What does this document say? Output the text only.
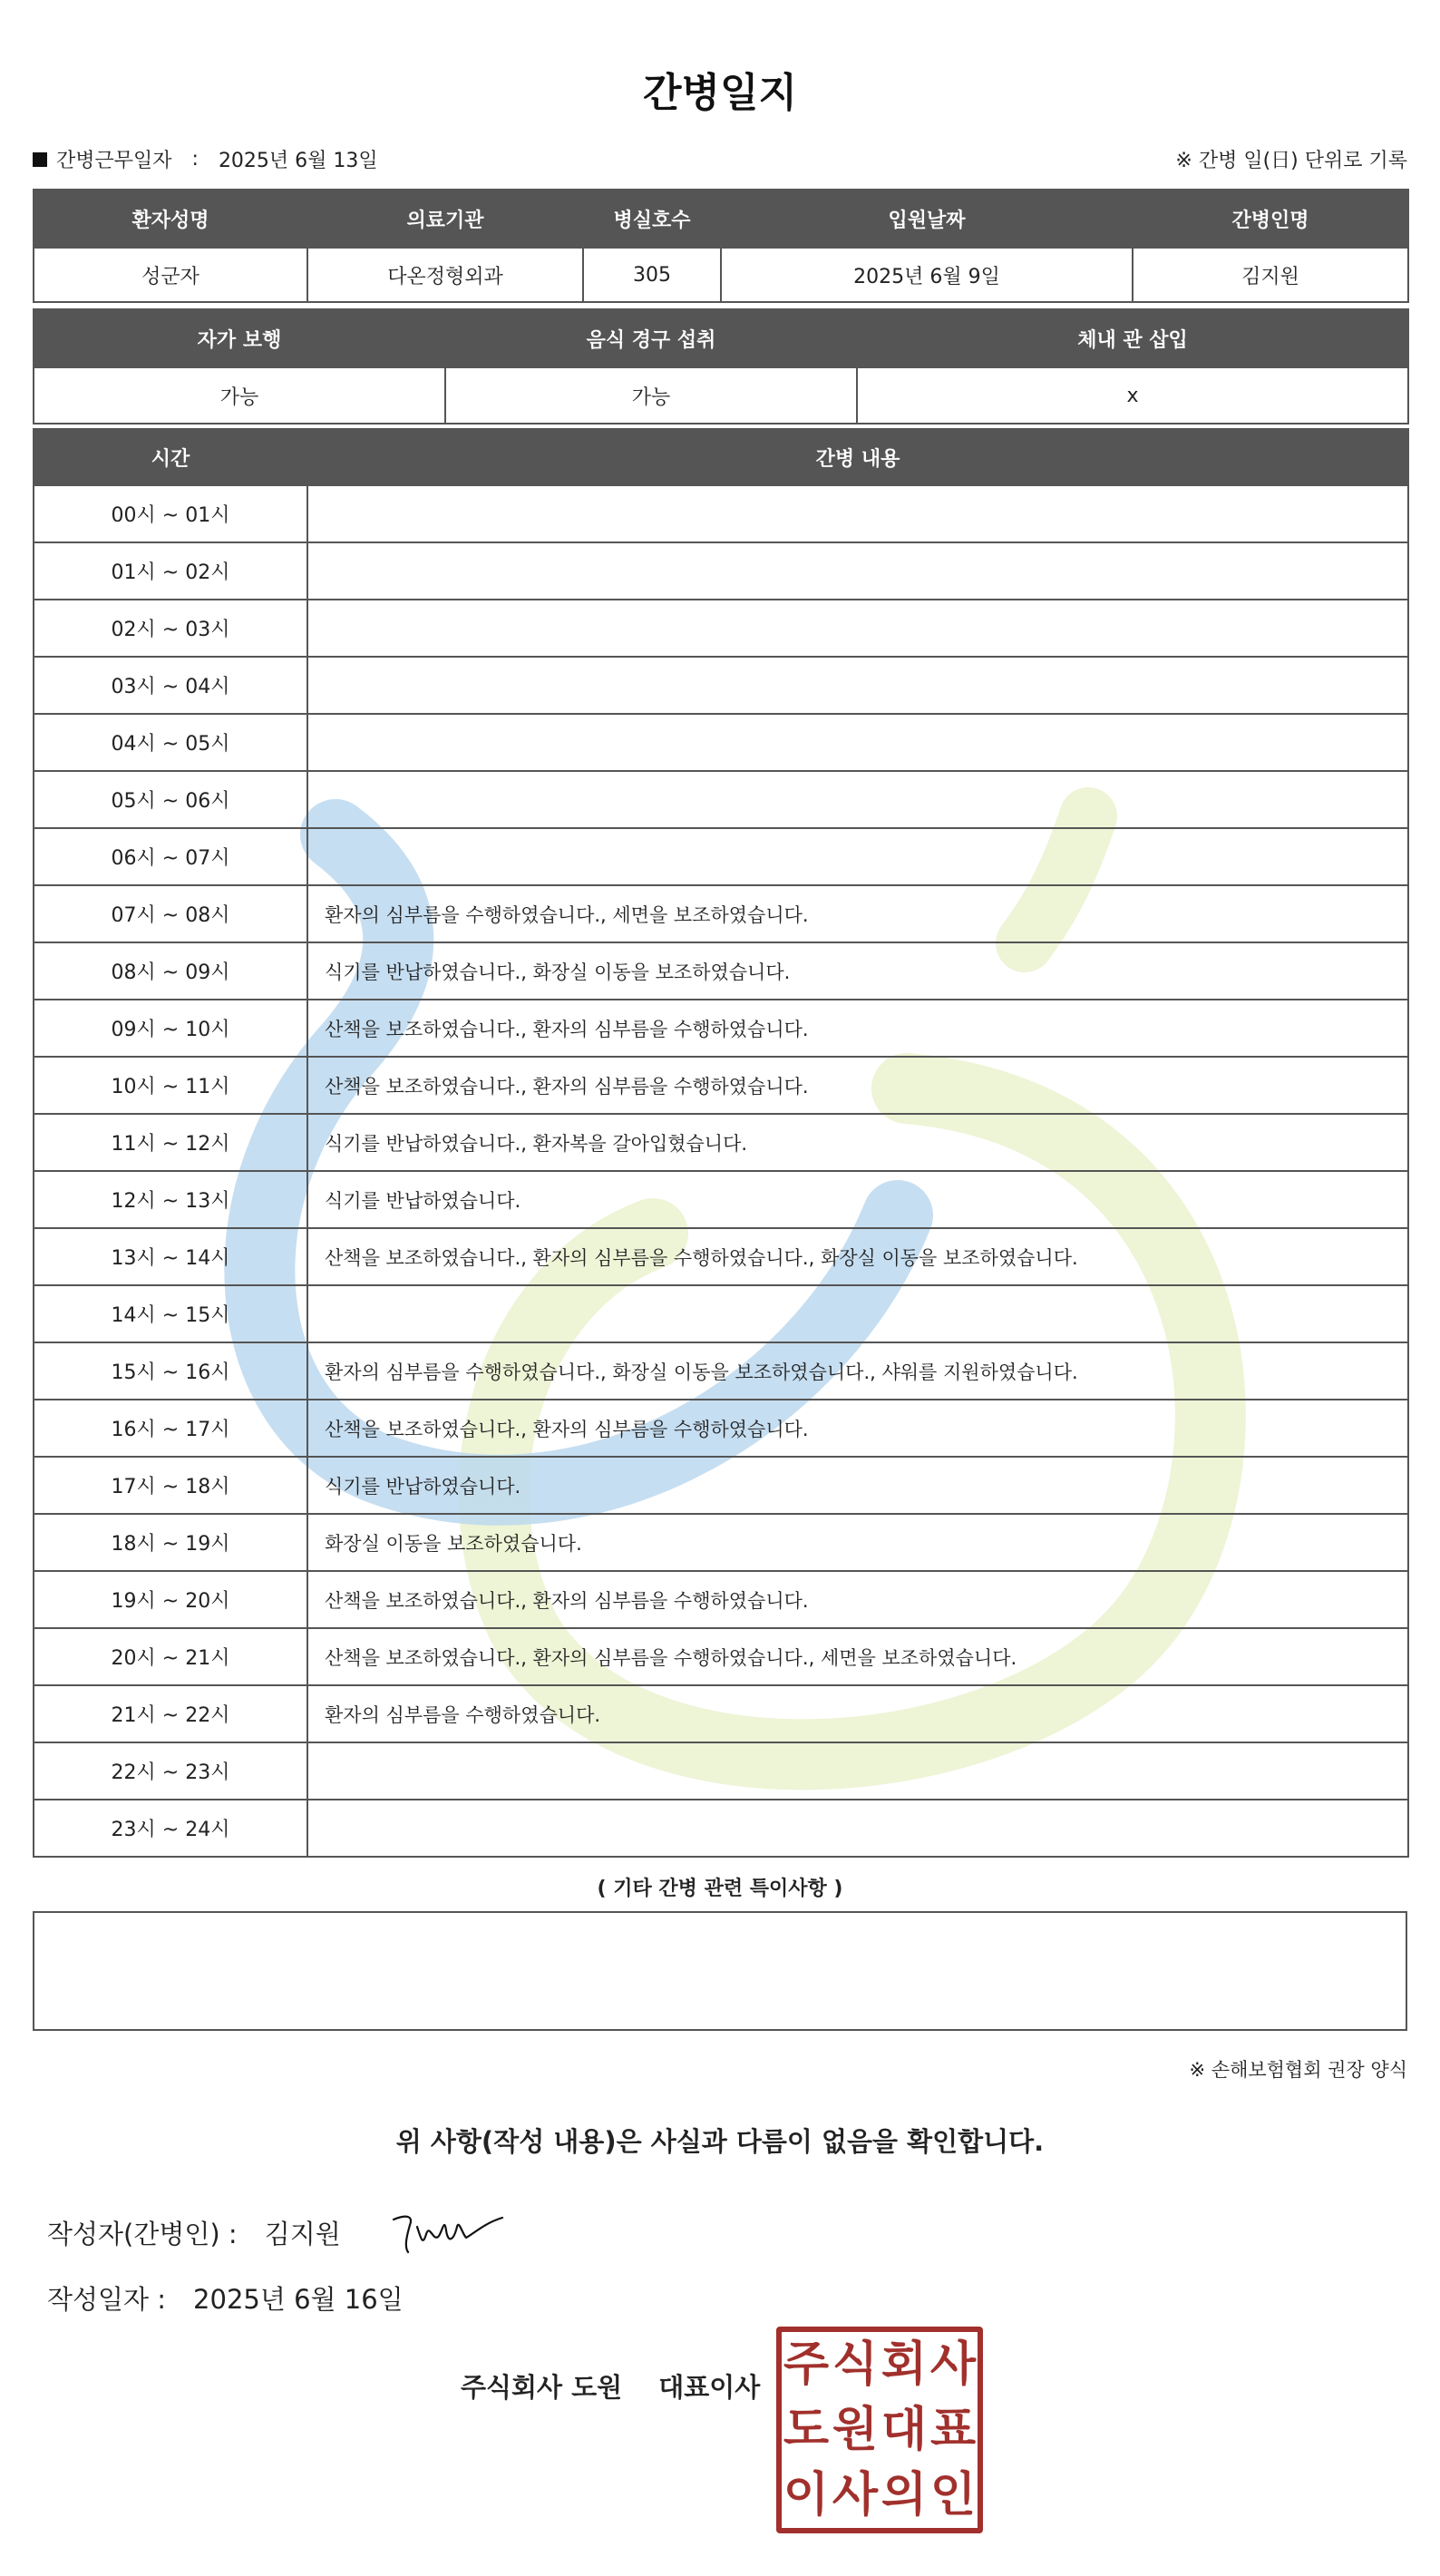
간병일지
간병근무일자 : 2025년 6월 13일	※ 간병 일(日) 단위로 기록
환자성명	의료기관	병실호수	입원날짜	간병인명
성군자	다온정형외과	305	2025년 6월 9일	김지원
자가 보행	음식 경구 섭취	체내 관 삽입
가능	가능	x
시간	간병 내용
00시 ~ 01시	
01시 ~ 02시	
02시 ~ 03시	
03시 ~ 04시	
04시 ~ 05시	
05시 ~ 06시	
06시 ~ 07시	
07시 ~ 08시	환자의 심부름을 수행하였습니다., 세면을 보조하였습니다.
08시 ~ 09시	식기를 반납하였습니다., 화장실 이동을 보조하였습니다.
09시 ~ 10시	산책을 보조하였습니다., 환자의 심부름을 수행하였습니다.
10시 ~ 11시	산책을 보조하였습니다., 환자의 심부름을 수행하였습니다.
11시 ~ 12시	식기를 반납하였습니다., 환자복을 갈아입혔습니다.
12시 ~ 13시	식기를 반납하였습니다.
13시 ~ 14시	산책을 보조하였습니다., 환자의 심부름을 수행하였습니다., 화장실 이동을 보조하였습니다.
14시 ~ 15시	
15시 ~ 16시	환자의 심부름을 수행하였습니다., 화장실 이동을 보조하였습니다., 샤워를 지원하였습니다.
16시 ~ 17시	산책을 보조하였습니다., 환자의 심부름을 수행하였습니다.
17시 ~ 18시	식기를 반납하였습니다.
18시 ~ 19시	화장실 이동을 보조하였습니다.
19시 ~ 20시	산책을 보조하였습니다., 환자의 심부름을 수행하였습니다.
20시 ~ 21시	산책을 보조하였습니다., 환자의 심부름을 수행하였습니다., 세면을 보조하였습니다.
21시 ~ 22시	환자의 심부름을 수행하였습니다.
22시 ~ 23시	
23시 ~ 24시	
( 기타 간병 관련 특이사항 )
※ 손해보험협회 권장 양식
위 사항(작성 내용)은 사실과 다름이 없음을 확인합니다.
작성자(간병인) : 김지원
작성일자 : 2025년 6월 16일
주식회사 도원 대표이사 주 식 회 사
도 원 대 표
이 사 의 인
